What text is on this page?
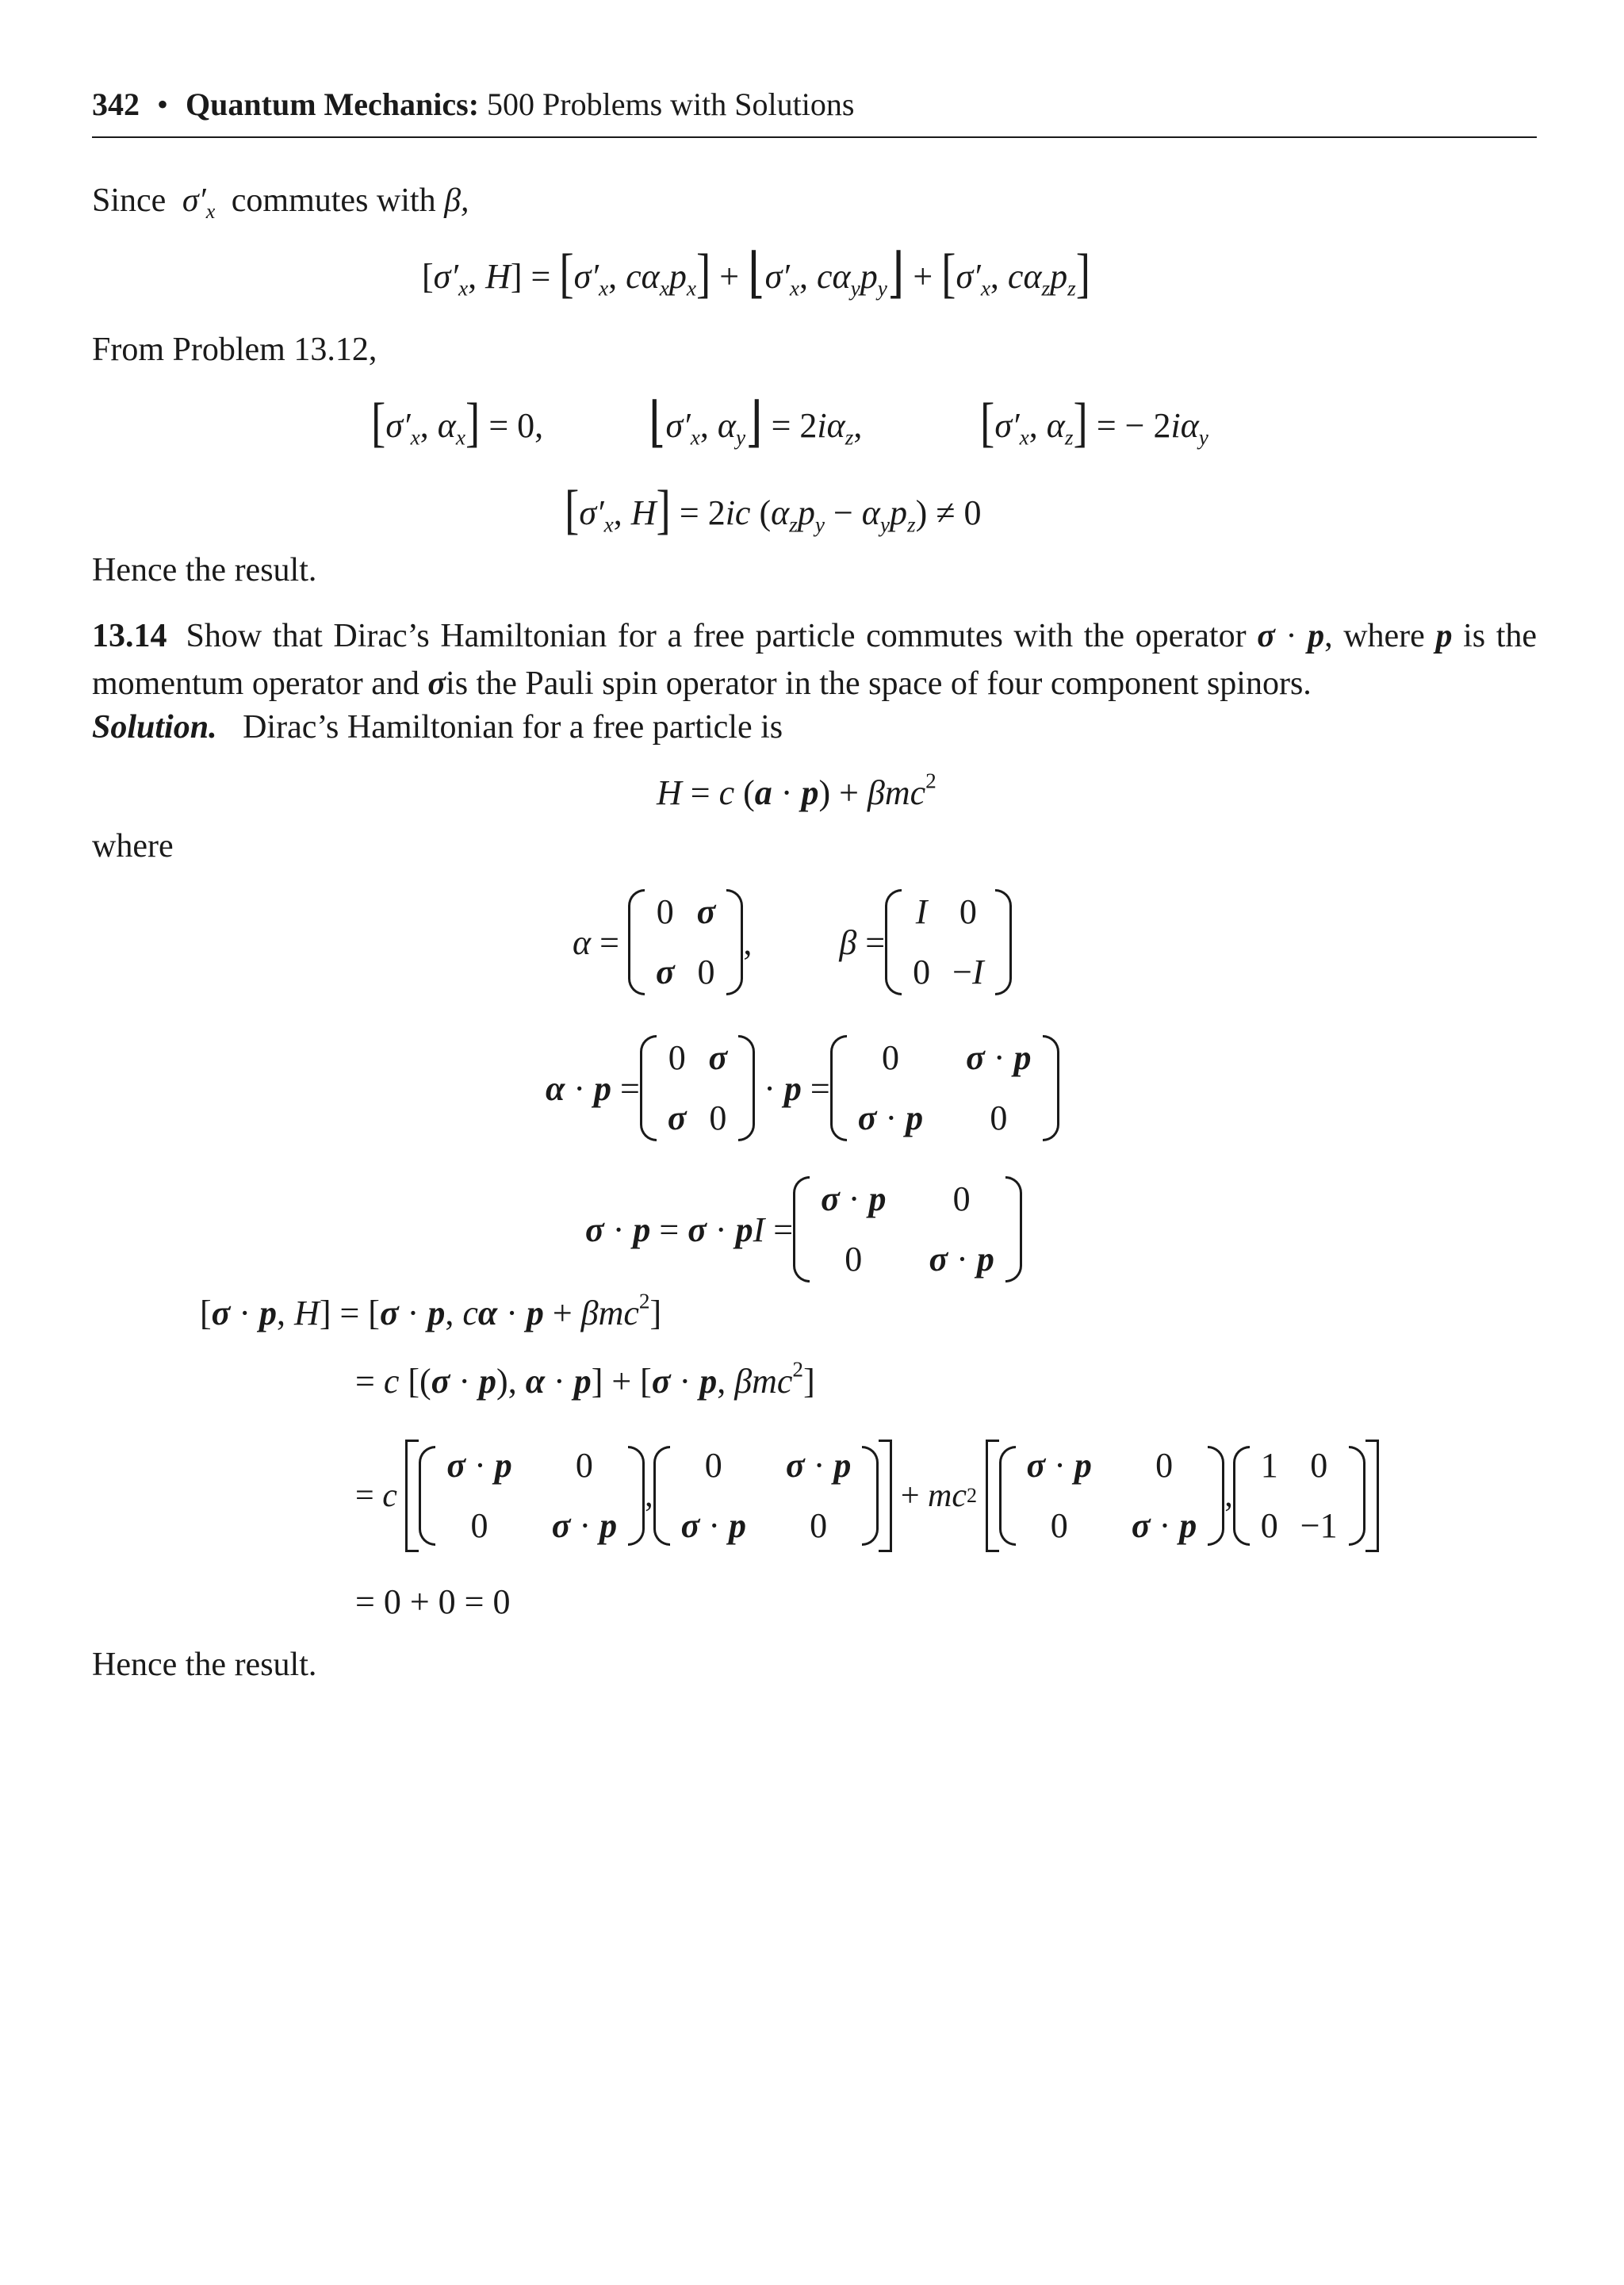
342 • Quantum Mechanics: 500 Problems with Solutions
Since $\sigma'_x$ commutes with β,
[$\sigma'_x$, $H] = [\sigma'_x$, $c\alpha_xp_x$] + $⌊\sigma'_x$, $c\alpha_yp_y⌋ + [\sigma'_x$, $c\alpha_zp_z$]
From Problem 13.12,
[$\sigma'_x$, $\alpha_x] = 0$, $⌊\sigma'_x$, $\alpha_y⌋ = 2i\alpha_z$,	[$\sigma'_x$, $\alpha_z$] = − $2i\alpha_y$
[$\sigma'_x$, H] = 2ic $(\alpha_zp_y - \alpha_yp_z) \ne 0$
Hence the result.
13.14 Show that Dirac’s Hamiltonian for a free particle commutes with the operator σ · p, where p is the momentum operator and σis the Pauli spin operator in the space of four component spinors.
Solution. Dirac’s Hamiltonian for a free particle is
H = c (a · p) + βmc$^2$
where
α =
0	σ
σ	0
,	β =
I	0
0	−I
α · p =
0	σ
σ	0
· p =
0	σ · p
σ · p	0
σ · p = σ · p I =
σ · p	0
0	σ · p
[σ · p, H] = [σ · p, cα · p + βmc$^2$]
= c [(σ · p), α · p] + [σ · p, βmc$^2$]
= c

σ · p	0
0	σ · p
,
0	σ · p
σ · p	0
+ mc 2

σ · p	0
0	σ · p
,
1	0
0	−1
= 0 + 0 = 0
Hence the result.
